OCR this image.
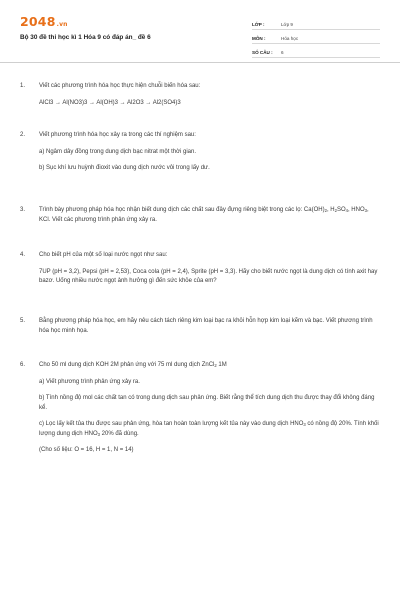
2048.vn
Bộ 30 đề thi học kì 1 Hóa 9 có đáp án_ đề 6
LỚP :	Lớp 9
MÔN :	Hóa học
SỐ CÂU :	6
1.	Viết các phương trình hóa học thực hiện chuỗi biến hóa sau:

AlCl3 → Al(NO3)3 → Al(OH)3 → Al2O3 → Al2(SO4)3

2.	Viết phương trình hóa học xảy ra trong các thí nghiệm sau:

a) Ngâm dây đồng trong dung dịch bạc nitrat một thời gian.

b) Sục khí lưu huỳnh đioxit vào dung dịch nước vôi trong lấy dư.

3.	Trình bày phương pháp hóa học nhận biết dung dịch các chất sau đây đựng riêng biệt trong các lọ: $Ca(OH)_2$, $H_2SO_4$, $HNO_3$, KCl. Viết các phương trình phản ứng xảy ra.

4.	Cho biết pH của một số loại nước ngọt như sau:

7UP (pH = 3,2), Pepsi (pH = 2,53), Coca cola (pH = 2,4), Sprite (pH = 3,3). Hãy cho biết nước ngọt là dung dịch có tính axit hay bazơ. Uống nhiều nước ngọt ảnh hưởng gì đến sức khỏe của em?

5.	Bằng phương pháp hóa học, em hãy nêu cách tách riêng kim loại bạc ra khỏi hỗn hợp kim loại kẽm và bạc. Viết phương trình hóa học minh họa.

6.	Cho 50 ml dung dịch KOH 2M phản ứng với 75 ml dung dịch ZnCl$_2$ 1M

a) Viết phương trình phản ứng xảy ra.

b) Tính nồng độ mol các chất tan có trong dung dịch sau phản ứng. Biết rằng thể tích dung dịch thu được thay đổi không đáng kể.

c) Lọc lấy kết tủa thu được sau phản ứng, hòa tan hoàn toàn lượng kết tủa này vào dung dịch $HNO_3$ có nồng độ 20%. Tính khối lượng dung dịch $HNO_3$ 20% đã dùng.

(Cho số liệu: O = 16, H = 1, N = 14)
